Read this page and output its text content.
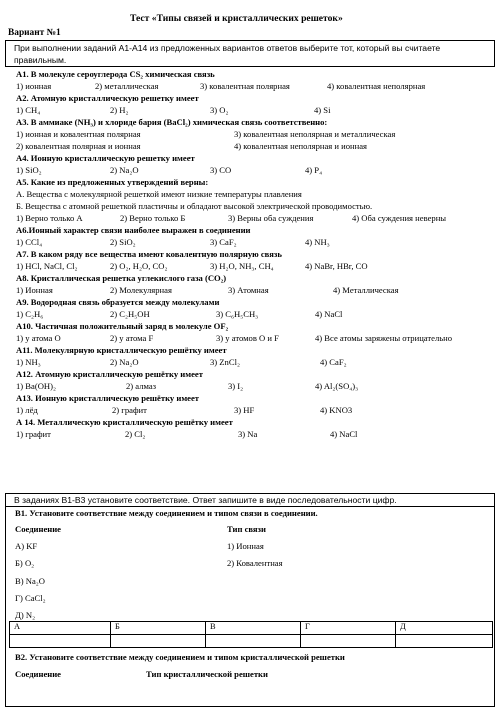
Тест «Типы связей и кристаллических решеток»
Вариант №1
При выполнении заданий А1-А14 из предложенных вариантов ответов выберите тот, который вы считаете
правильным.
А1. В молекуле сероуглерода CS₂ химическая связь
1) ионная	2) металлическая	3) ковалентная полярная	4) ковалентная неполярная
А2. Атомную кристаллическую решетку имеет
1) CH₄	2) H₂	3) O₂	4) Si
А3. В аммиаке (NH₃) и хлориде бария (BaCl₂) химическая связь соответственно:
1) ионная и ковалентная полярная	3) ковалентная неполярная и металлическая
2) ковалентная полярная и ионная	4) ковалентная неполярная и ионная
А4. Ионную кристаллическую решетку имеет
1) SiO₂	2) Na₂O	3) CO	4) P₄
А5. Какие из предложенных утверждений верны:
А. Вещества с молекулярной решеткой имеют низкие температуры плавления
Б. Вещества с атомной решеткой пластичны и обладают высокой электрической проводимостью.
1) Верно только А	2) Верно только Б	3) Верны оба суждения	4) Оба суждения неверны
А6.Ионный характер связи наиболее выражен в соединении
1) CCl₄	2) SiO₂	3) CaF₂	4) NH₃
А7. В каком ряду все вещества имеют ковалентную полярную связь
1) HCl, NaCl, Cl₂	2) O₂, H₂O, CO₂	3) H₂O, NH₃, CH₄	4) NaBr, HBr, CO
А8. Кристаллическая решетка углекислого газа (CO₂)
1) Ионная	2) Молекулярная	3) Атомная	4) Металлическая
А9. Водородная связь образуется между молекулами
1) C₂H₆	2) C₂H₅OH	3) C₆H₅CH₃	4) NaCl
А10. Частичная положительный заряд в молекуле OF₂
1) у атома O	2) у атома F	3) у атомов O и F	4) Все атомы заряжены отрицательно
А11. Молекулярную кристаллическую решётку имеет
1) NH₃	2) Na₂O	3) ZnCl₂	4) CaF₂
А12. Атомную кристаллическую решётку имеет
1) Ba(OH)₂	2) алмаз	3) I₂	4) Al₂(SO₄)₃
А13. Ионную кристаллическую решётку имеет
1) лёд	2) графит	3) HF	4) KNO3
А 14. Металлическую кристаллическую решётку имеет
1) графит	2) Cl₂	3) Na	4) NaCl
В заданиях В1-В3 установите соответствие. Ответ запишите в виде последовательности цифр.
В1. Установите соответствие между соединением и типом связи в соединении.
Соединение	Тип связи
А) KF	1) Ионная
Б) O₂	2) Ковалентная
В) Na₂O
Г) CaCl₂
Д) N₂
А	Б	В	Г	Д

В2. Установите соответствие между соединением и типом кристаллической решетки
Соединение	Тип кристаллической решетки
